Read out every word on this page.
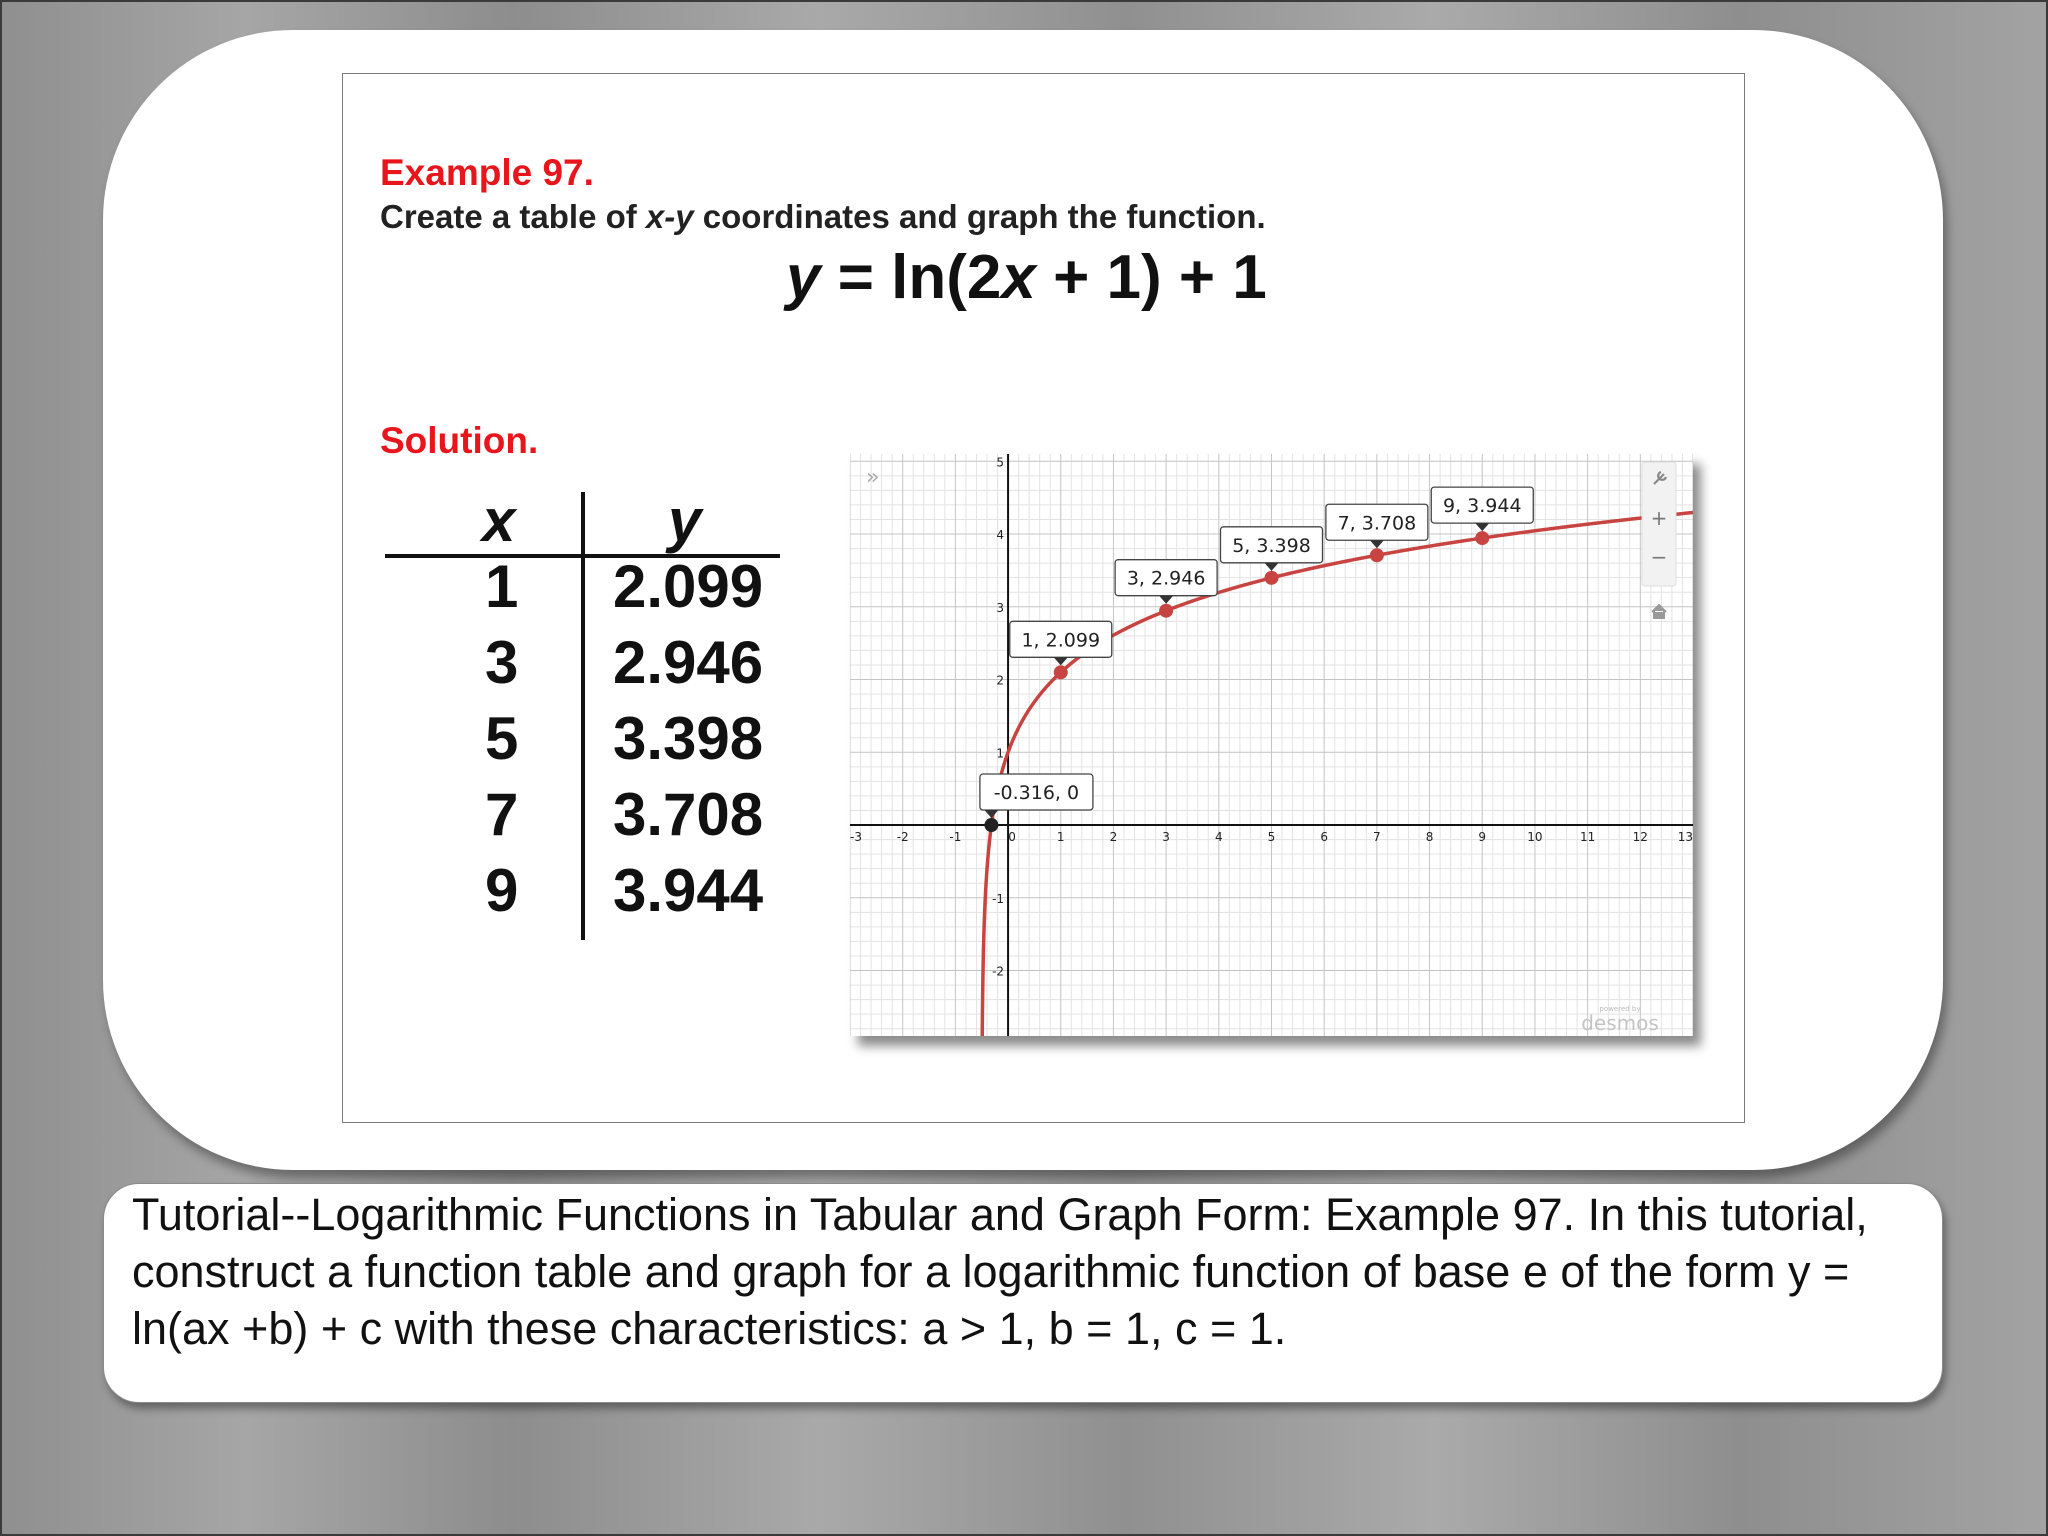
Example 97.
Create a table of x-y coordinates and graph the function.
y = ln(2x + 1) + 1
Solution.
x	y
1 2.099
3 2.946
5 3.398
7 3.708
9 3.944
-3	-2	-1	0	1	2	3	4	5	6	7	8	9	10	11	12 13
5
4
3
2
1
-1
-2
-0.316, 0
1, 2.099
3, 2.946
5, 3.398
7, 3.708
9, 3.944
»
+
−
powered by
desmos
Tutorial--Logarithmic Functions in Tabular and Graph Form: Example 97. In this tutorial, construct a function table and graph for a logarithmic function of base e of the form y = ln(ax +b) + c with these characteristics: a > 1, b = 1, c = 1.
